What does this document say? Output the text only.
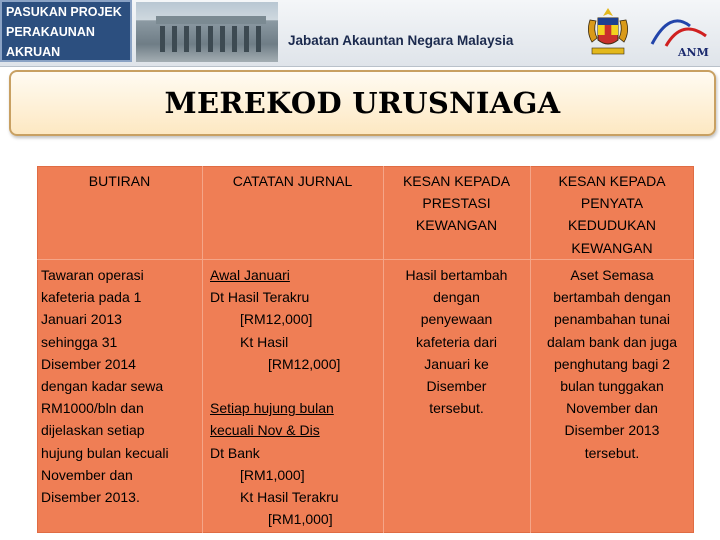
PASUKAN PROJEK
PERAKAUNAN
AKRUAN
Jabatan Akauntan Negara Malaysia
ANM
MEREKOD URUSNIAGA
BUTIRAN	CATATAN JURNAL	KESAN KEPADA
PRESTASI
KEWANGAN
KESAN KEPADA
PENYATA
KEDUDUKAN
KEWANGAN
Tawaran operasi
kafeteria pada 1
Januari 2013
sehingga 31
Disember 2014
dengan kadar sewa
RM1000/bln dan
dijelaskan setiap
hujung bulan kecuali
November dan
Disember 2013.
Awal Januari
Dt Hasil Terakru
[RM12,000]
Kt Hasil
[RM12,000]

Setiap hujung bulan
kecuali Nov & Dis
Dt Bank
[RM1,000]
Kt Hasil Terakru
[RM1,000]
Hasil bertambah
dengan
penyewaan
kafeteria dari
Januari ke
Disember
tersebut.
Aset Semasa
bertambah dengan
penambahan tunai
dalam bank dan juga
penghutang bagi 2
bulan tunggakan
November dan
Disember 2013
tersebut.
